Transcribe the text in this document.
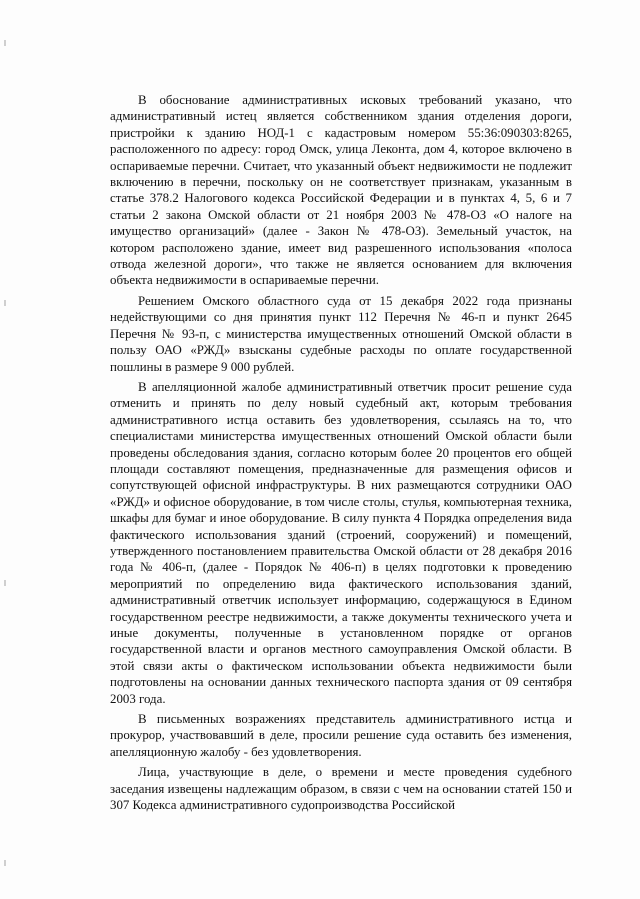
В обоснование административных исковых требований указано, что административный истец является собственником здания отделения дороги, пристройки к зданию НОД-1 с кадастровым номером 55:36:090303:8265, расположенного по адресу: город Омск, улица Леконта, дом 4, которое включено в оспариваемые перечни. Считает, что указанный объект недвижимости не подлежит включению в перечни, поскольку он не соответствует признакам, указанным в статье 378.2 Налогового кодекса Российской Федерации и в пунктах 4, 5, 6 и 7 статьи 2 закона Омской области от 21 ноября 2003 № 478-ОЗ «О налоге на имущество организаций» (далее - Закон № 478-ОЗ). Земельный участок, на котором расположено здание, имеет вид разрешенного использования «полоса отвода железной дороги», что также не является основанием для включения объекта недвижимости в оспариваемые перечни.

Решением Омского областного суда от 15 декабря 2022 года признаны недействующими со дня принятия пункт 112 Перечня № 46-п и пункт 2645 Перечня № 93-п, с министерства имущественных отношений Омской области в пользу ОАО «РЖД» взысканы судебные расходы по оплате государственной пошлины в размере 9 000 рублей.

В апелляционной жалобе административный ответчик просит решение суда отменить и принять по делу новый судебный акт, которым требования административного истца оставить без удовлетворения, ссылаясь на то, что специалистами министерства имущественных отношений Омской области были проведены обследования здания, согласно которым более 20 процентов его общей площади составляют помещения, предназначенные для размещения офисов и сопутствующей офисной инфраструктуры. В них размещаются сотрудники ОАО «РЖД» и офисное оборудование, в том числе столы, стулья, компьютерная техника, шкафы для бумаг и иное оборудование. В силу пункта 4 Порядка определения вида фактического использования зданий (строений, сооружений) и помещений, утвержденного постановлением правительства Омской области от 28 декабря 2016 года № 406-п, (далее - Порядок № 406-п) в целях подготовки к проведению мероприятий по определению вида фактического использования зданий, административный ответчик использует информацию, содержащуюся в Едином государственном реестре недвижимости, а также документы технического учета и иные документы, полученные в установленном порядке от органов государственной власти и органов местного самоуправления Омской области. В этой связи акты о фактическом использовании объекта недвижимости были подготовлены на основании данных технического паспорта здания от 09 сентября 2003 года.

В письменных возражениях представитель административного истца и прокурор, участвовавший в деле, просили решение суда оставить без изменения, апелляционную жалобу - без удовлетворения.

Лица, участвующие в деле, о времени и месте проведения судебного заседания извещены надлежащим образом, в связи с чем на основании статей 150 и 307 Кодекса административного судопроизводства Российской
